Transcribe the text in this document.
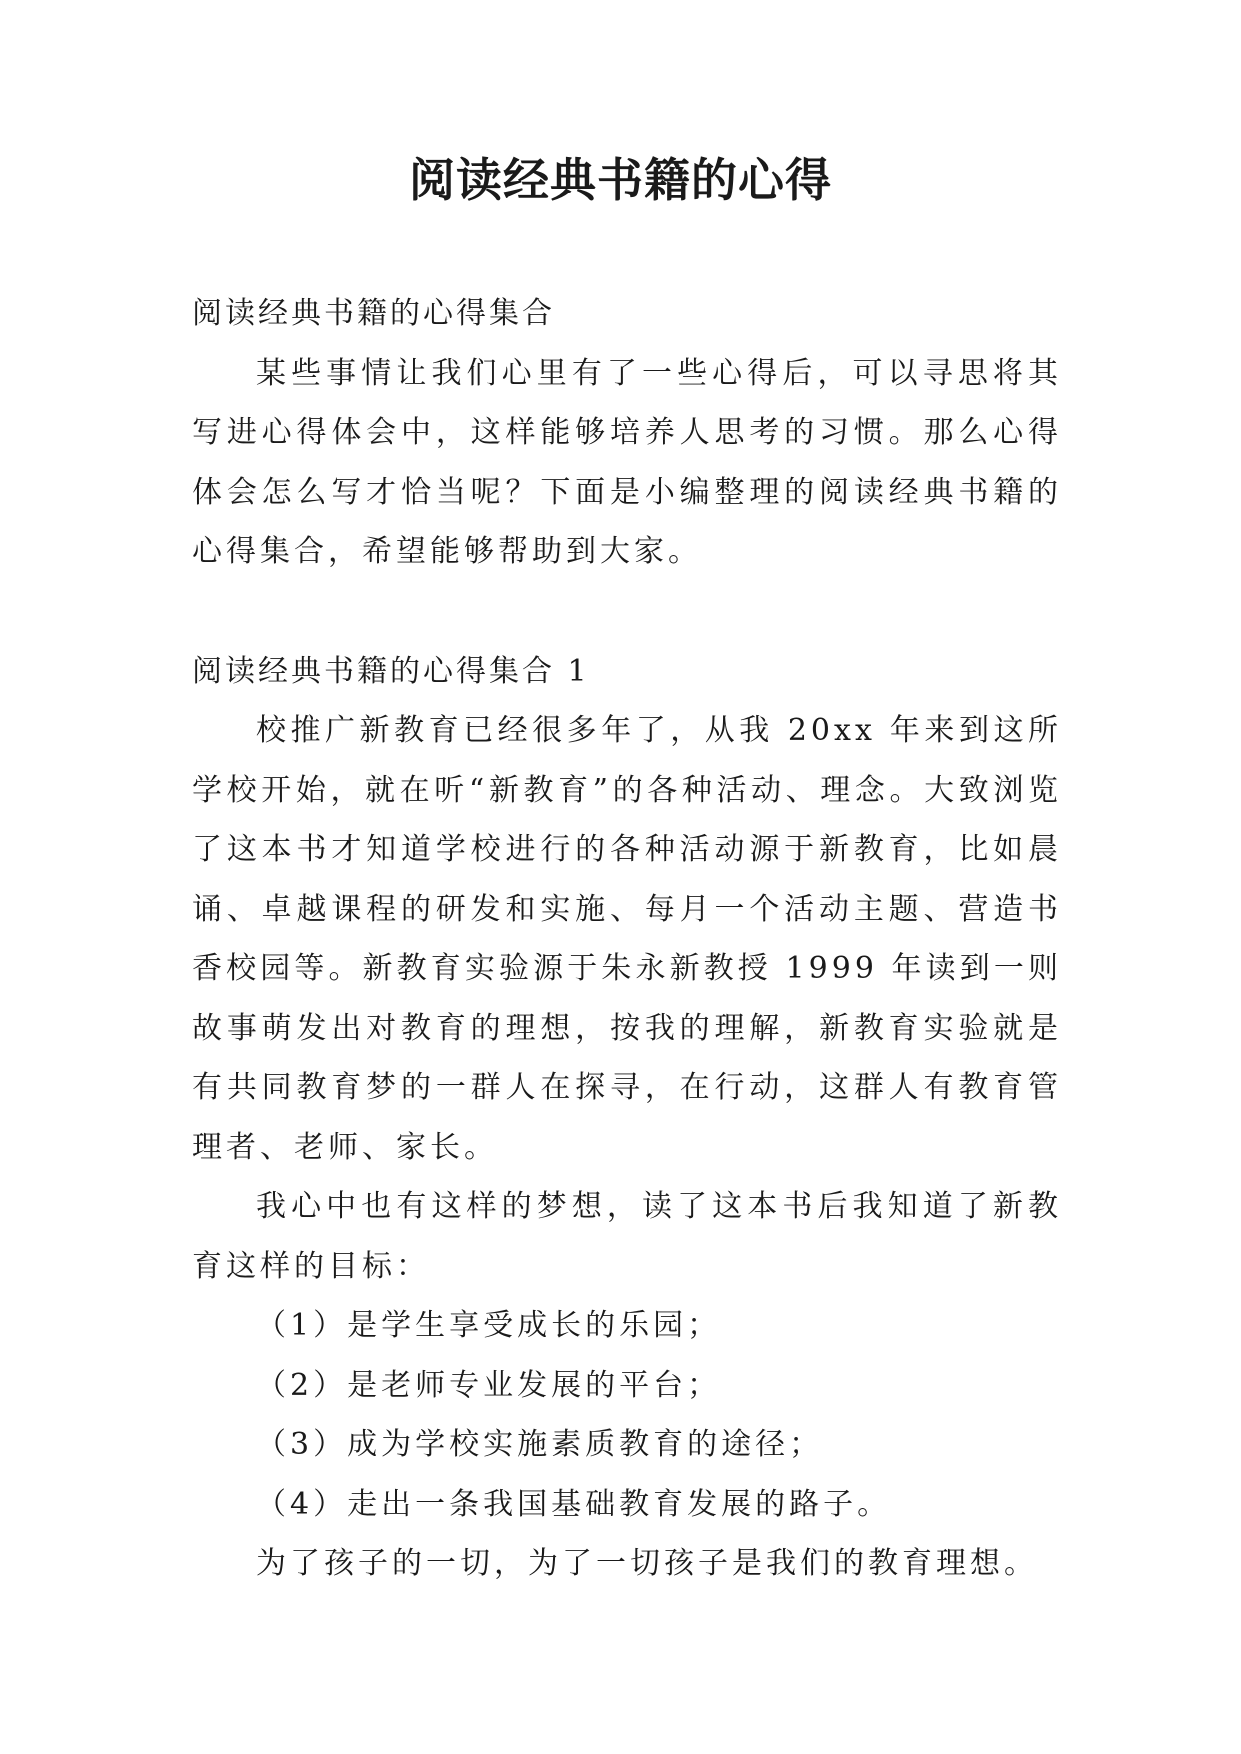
阅读经典书籍的心得

阅读经典书籍的心得集合

某些事情让我们心里有了一些心得后，可以寻思将其写进心得体会中，这样能够培养人思考的习惯。那么心得体会怎么写才恰当呢？下面是小编整理的阅读经典书籍的心得集合，希望能够帮助到大家。

阅读经典书籍的心得集合 1

校推广新教育已经很多年了，从我 20xx 年来到这所学校开始，就在听“新教育”的各种活动、理念。大致浏览了这本书才知道学校进行的各种活动源于新教育，比如晨诵、卓越课程的研发和实施、每月一个活动主题、营造书香校园等。新教育实验源于朱永新教授 1999 年读到一则故事萌发出对教育的理想，按我的理解，新教育实验就是有共同教育梦的一群人在探寻，在行动，这群人有教育管理者、老师、家长。

我心中也有这样的梦想，读了这本书后我知道了新教育这样的目标：

（1）是学生享受成长的乐园；

（2）是老师专业发展的平台；

（3）成为学校实施素质教育的途径；

（4）走出一条我国基础教育发展的路子。

为了孩子的一切，为了一切孩子是我们的教育理想。
